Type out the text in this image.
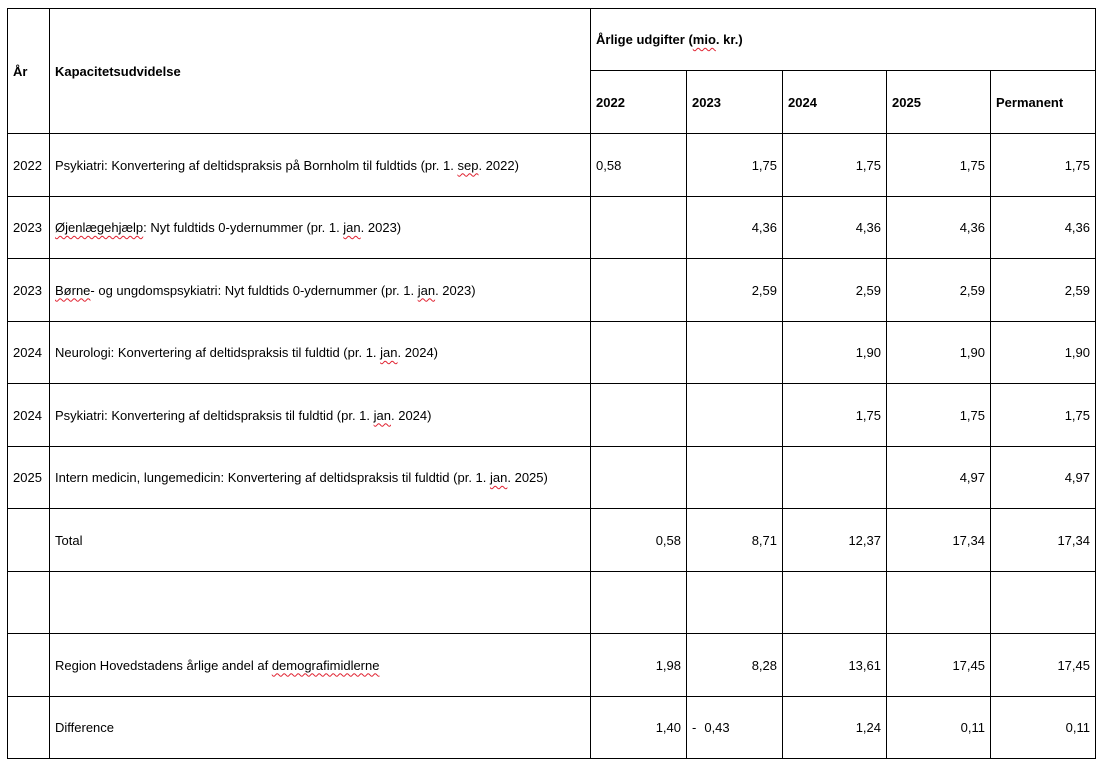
År	Kapacitetsudvidelse	Årlige udgifter (mio. kr.)				
		2022	2023	2024	2025	Permanent
2022	Psykiatri: Konvertering af deltidspraksis på Bornholm til fuldtids (pr. 1. sep. 2022)	0,58	1,75	1,75	1,75	1,75
2023	Øjenlægehjælp: Nyt fuldtids 0-ydernummer (pr. 1. jan. 2023)		4,36	4,36	4,36	4,36
2023	Børne- og ungdomspsykiatri: Nyt fuldtids 0-ydernummer (pr. 1. jan. 2023)		2,59	2,59	2,59	2,59
2024	Neurologi: Konvertering af deltidspraksis til fuldtid (pr. 1. jan. 2024)			1,90	1,90	1,90
2024	Psykiatri: Konvertering af deltidspraksis til fuldtid (pr. 1. jan. 2024)			1,75	1,75	1,75
2025	Intern medicin, lungemedicin: Konvertering af deltidspraksis til fuldtid (pr. 1. jan. 2025)				4,97	4,97
	Total	0,58	8,71	12,37	17,34	17,34

	Region Hovedstadens årlige andel af demografimidlerne	1,98	8,28	13,61	17,45	17,45
	Difference	1,40	- 0,43	1,24	0,11	0,11
